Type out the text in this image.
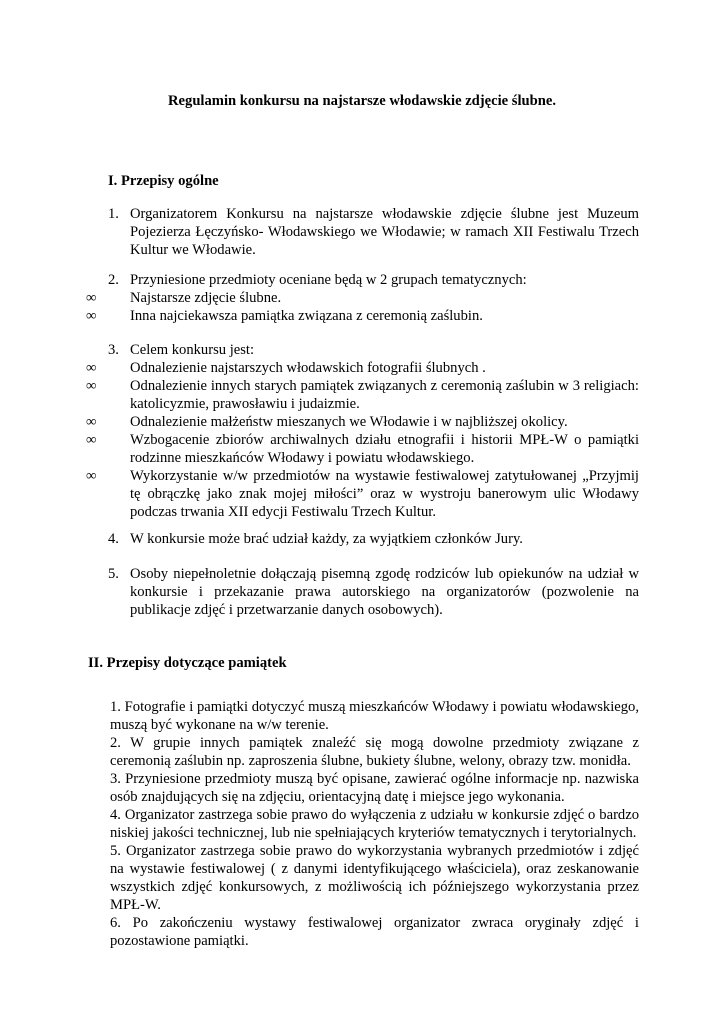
Regulamin konkursu na najstarsze włodawskie zdjęcie ślubne.
I. Przepisy ogólne
1. Organizatorem Konkursu na najstarsze włodawskie zdjęcie ślubne jest Muzeum Pojezierza Łęczyńsko- Włodawskiego we Włodawie; w ramach XII Festiwalu Trzech Kultur we Włodawie.
2. Przyniesione przedmioty oceniane będą w 2 grupach tematycznych:
∞ Najstarsze zdjęcie ślubne.
∞ Inna najciekawsza pamiątka związana z ceremonią zaślubin.
3. Celem konkursu jest:
∞ Odnalezienie najstarszych włodawskich fotografii ślubnych .
∞ Odnalezienie innych starych pamiątek związanych z ceremonią zaślubin w 3 religiach: katolicyzmie, prawosławiu i judaizmie.
∞ Odnalezienie małżeństw mieszanych we Włodawie i w najbliższej okolicy.
∞ Wzbogacenie zbiorów archiwalnych działu etnografii i historii MPŁ-W o pamiątki rodzinne mieszkańców Włodawy i powiatu włodawskiego.
∞ Wykorzystanie w/w przedmiotów na wystawie festiwalowej zatytułowanej „Przyjmij tę obrączkę jako znak mojej miłości” oraz w wystroju banerowym ulic Włodawy podczas trwania XII edycji Festiwalu Trzech Kultur.
4. W konkursie może brać udział każdy, za wyjątkiem członków Jury.
5. Osoby niepełnoletnie dołączają pisemną zgodę rodziców lub opiekunów na udział w konkursie i przekazanie prawa autorskiego na organizatorów (pozwolenie na publikacje zdjęć i przetwarzanie danych osobowych).
II. Przepisy dotyczące pamiątek
1. Fotografie i pamiątki dotyczyć muszą mieszkańców Włodawy i powiatu włodawskiego, muszą być wykonane na w/w terenie.
2. W grupie innych pamiątek znaleźć się mogą dowolne przedmioty związane z ceremonią zaślubin np. zaproszenia ślubne, bukiety ślubne, welony, obrazy tzw. monidła.
3. Przyniesione przedmioty muszą być opisane, zawierać ogólne informacje np. nazwiska osób znajdujących się na zdjęciu, orientacyjną datę i miejsce jego wykonania.
4. Organizator zastrzega sobie prawo do wyłączenia z udziału w konkursie zdjęć o bardzo niskiej jakości technicznej, lub nie spełniających kryteriów tematycznych i terytorialnych.
5. Organizator zastrzega sobie prawo do wykorzystania wybranych przedmiotów i zdjęć na wystawie festiwalowej ( z danymi identyfikującego właściciela), oraz zeskanowanie wszystkich zdjęć konkursowych, z możliwością ich późniejszego wykorzystania przez MPŁ-W.
6. Po zakończeniu wystawy festiwalowej organizator zwraca oryginały zdjęć i pozostawione pamiątki.
